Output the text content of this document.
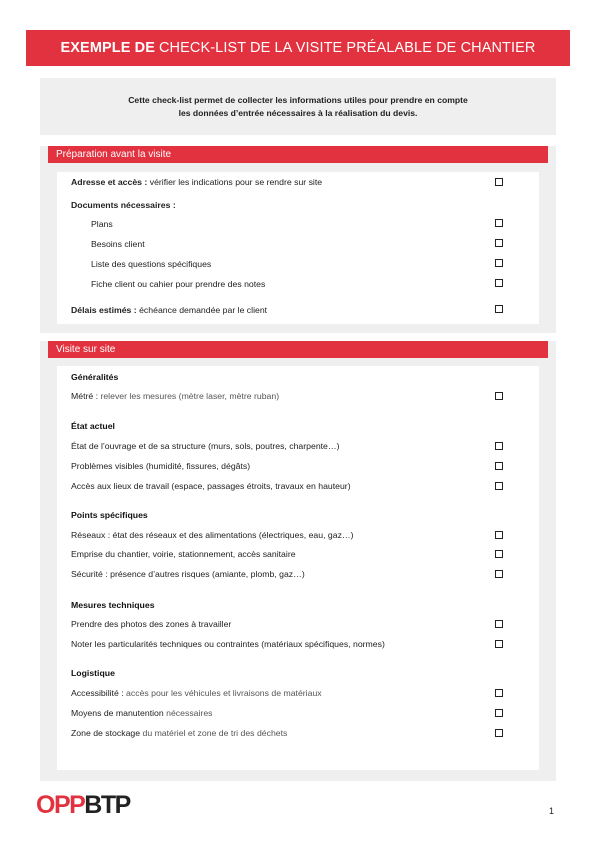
EXEMPLE DE CHECK-LIST DE LA VISITE PRÉALABLE DE CHANTIER
Cette check-list permet de collecter les informations utiles pour prendre en compte
les données d’entrée nécessaires à la réalisation du devis.
Préparation avant la visite
Adresse et accès : vérifier les indications pour se rendre sur site
Documents nécessaires :
Plans
Besoins client
Liste des questions spécifiques
Fiche client ou cahier pour prendre des notes
Délais estimés : échéance demandée par le client
Visite sur site
Généralités
Métré : relever les mesures (mètre laser, mètre ruban)
État actuel
État de l’ouvrage et de sa structure (murs, sols, poutres, charpente…)
Problèmes visibles (humidité, fissures, dégâts)
Accès aux lieux de travail (espace, passages étroits, travaux en hauteur)
Points spécifiques
Réseaux : état des réseaux et des alimentations (électriques, eau, gaz…)
Emprise du chantier, voirie, stationnement, accès sanitaire
Sécurité : présence d’autres risques (amiante, plomb, gaz…)
Mesures techniques
Prendre des photos des zones à travailler
Noter les particularités techniques ou contraintes (matériaux spécifiques, normes)
Logistique
Accessibilité : accès pour les véhicules et livraisons de matériaux
Moyens de manutention nécessaires
Zone de stockage du matériel et zone de tri des déchets
OPPBTP	1
